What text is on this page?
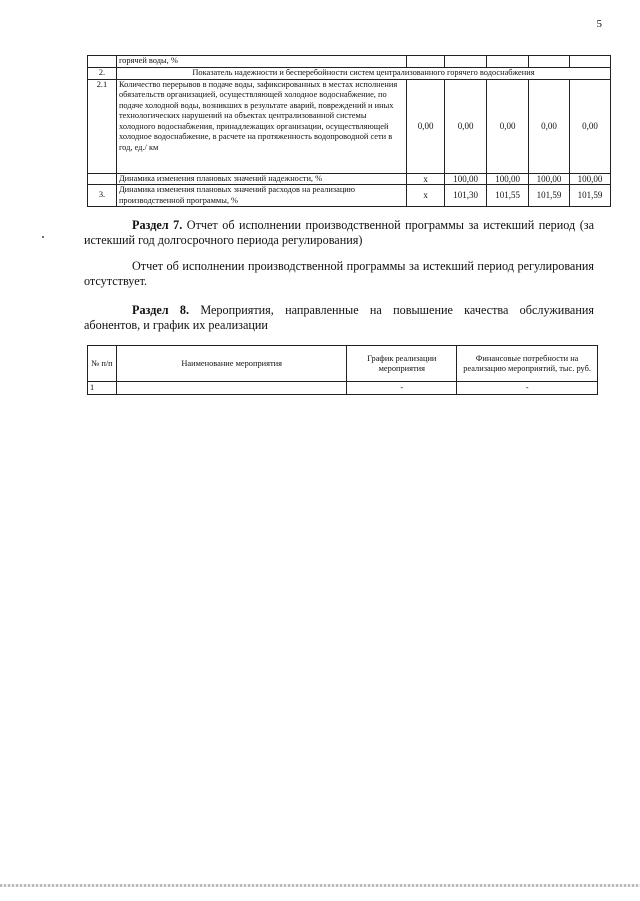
5
	горячей воды, %					
2.	Показатель надежности и бесперебойности систем централизованного горячего водоснабжения					
2.1	Количество перерывов в подаче воды, зафиксированных в местах исполнения обязательств организацией, осуществляющей холодное водоснабжение, по подаче холодной воды, возникших в результате аварий, повреждений и иных технологических нарушений на объектах централизованной системы холодного водоснабжения, принадлежащих организации, осуществляющей холодное водоснабжение, в расчете на протяженность водопроводной сети в год, ед./ км	0,00	0,00	0,00	0,00	0,00
	Динамика изменения плановых значений надежности, %	х	100,00	100,00	100,00	100,00
3.	Динамика изменения плановых значений расходов на реализацию производственной программы, %	х	101,30	101,55	101,59	101,59
Раздел 7. Отчет об исполнении производственной программы за истекший период (за истекший год долгосрочного периода регулирования)
Отчет об исполнении производственной программы за истекший период регулирования отсутствует.
Раздел 8. Мероприятия, направленные на повышение качества обслуживания абонентов, и график их реализации
№ п/п	Наименование мероприятия	График реализации мероприятия	Финансовые потребности на реализацию мероприятий, тыс. руб.
1		-	-
